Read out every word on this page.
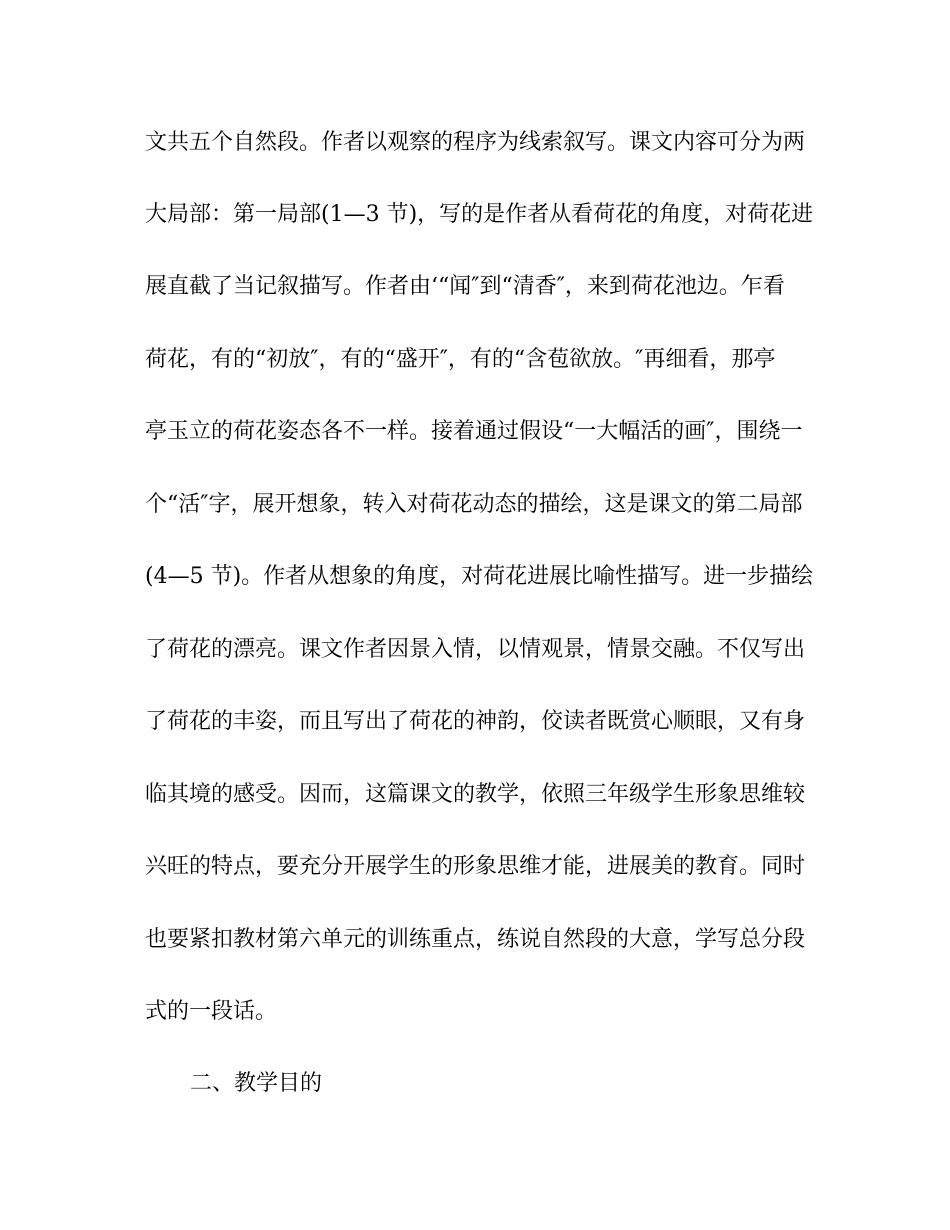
文共五个自然段。作者以观察的程序为线索叙写。课文内容可分为两
大局部：第一局部(1—3 节)，写的是作者从看荷花的角度，对荷花进
展直截了当记叙描写。作者由‘“闻″到“清香″，来到荷花池边。乍看
荷花，有的“初放″，有的“盛开″，有的“含苞欲放。″再细看，那亭
亭玉立的荷花姿态各不一样。接着通过假设“一大幅活的画″，围绕一
个“活″字，展开想象，转入对荷花动态的描绘，这是课文的第二局部
(4—5 节)。作者从想象的角度，对荷花进展比喻性描写。进一步描绘
了荷花的漂亮。课文作者因景入情，以情观景，情景交融。不仅写出
了荷花的丰姿，而且写出了荷花的神韵，佼读者既赏心顺眼，又有身
临其境的感受。因而，这篇课文的教学，依照三年级学生形象思维较
兴旺的特点，要充分开展学生的形象思维才能，进展美的教育。同时
也要紧扣教材第六单元的训练重点，练说自然段的大意，学写总分段
式的一段话。
二、教学目的
